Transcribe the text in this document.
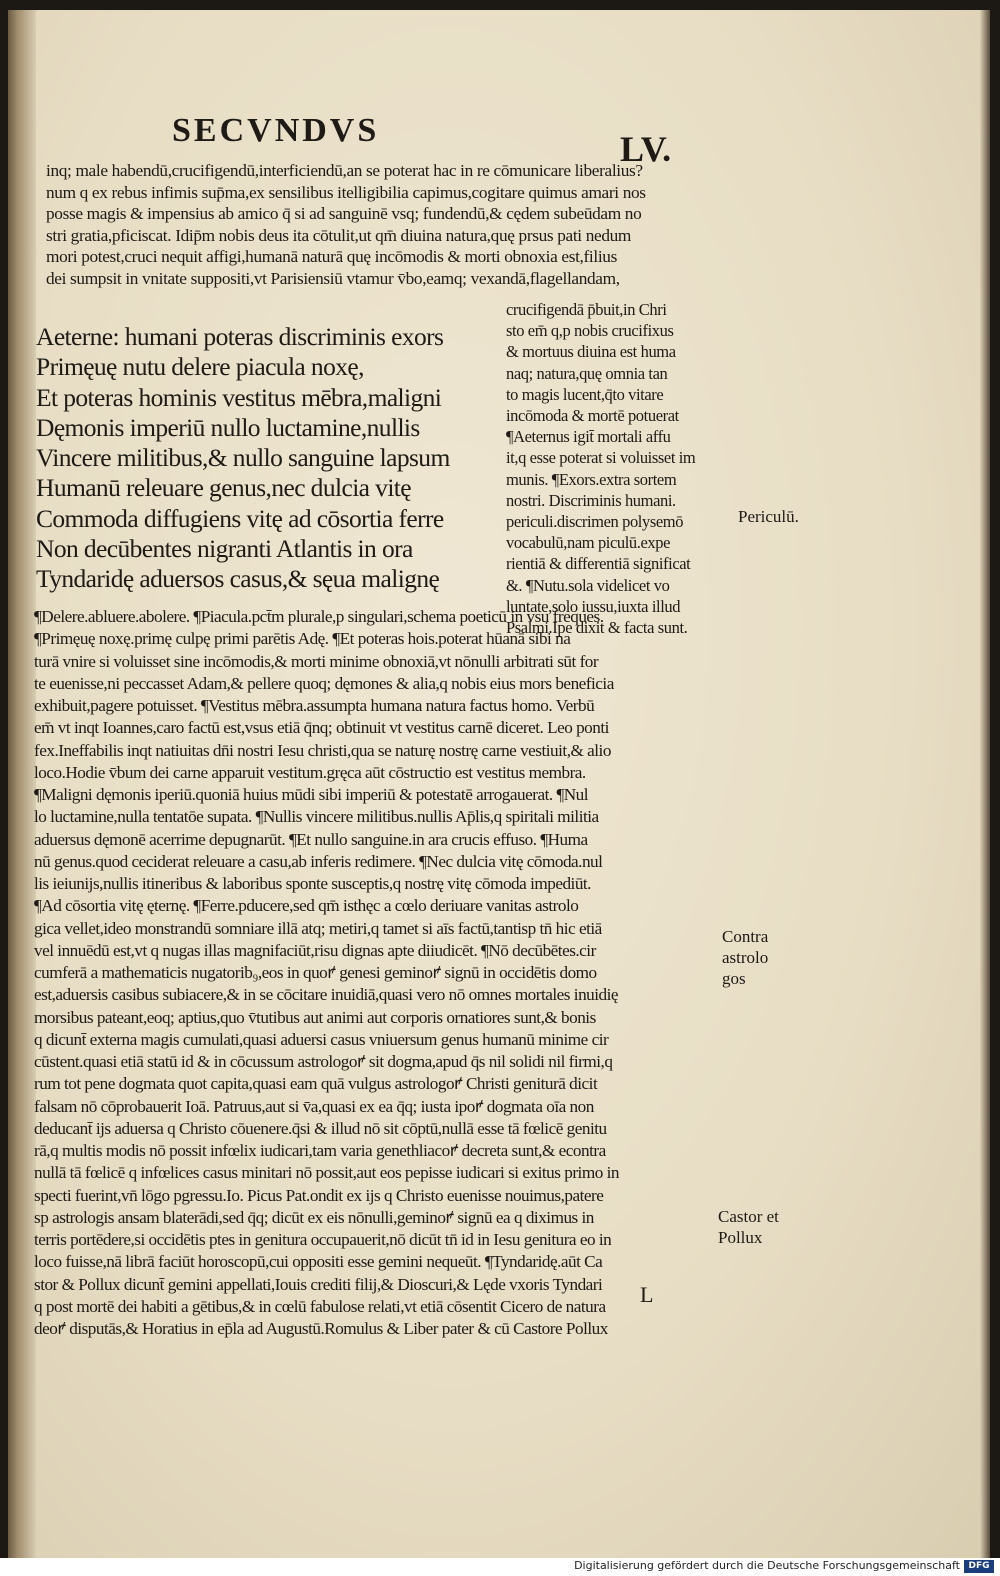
SECVNDVS	LV.
inq; male habendū,crucifigendū,interficiendū,an se poterat hac in re cōmunicare liberalius?
num q ex rebus infimis sup̄ma,ex sensilibus itelligibilia capimus,cogitare quimus amari nos
posse magis & impensius ab amico q̄ si ad sanguinē vsq; fundendū,& cędem subeūdam no
stri gratia,pficiscat. Idip̄m nobis deus ita cōtulit,ut qm̄ diuina natura,quę prsus pati nedum
mori potest,cruci nequit affigi,humanā naturā quę incōmodis & morti obnoxia est,filius
dei sumpsit in vnitate suppositi,vt Parisiensiū vtamur v̄bo,eamq; vexandā,flagellandam,
Aeterne: humani poteras discriminis exors
Primęuę nutu delere piacula noxę,
Et poteras hominis vestitus mēbra,maligni
Dęmonis imperiū nullo luctamine,nullis
Vincere militibus,& nullo sanguine lapsum
Humanū releuare genus,nec dulcia vitę
Commoda diffugiens vitę ad cōsortia ferre
Non decūbentes nigranti Atlantis in ora
Tyndaridę aduersos casus,& sęua malignę
crucifigendā p̄buit,in Chri
sto em̄ q,p nobis crucifixus
& mortuus diuina est huma
naq; natura,quę omnia tan
to magis lucent,q̄to vitare
incōmoda & mortē potuerat
¶Aeternus igit̄ mortali affu
it,q esse poterat si voluisset im
munis. ¶Exors.extra sortem
nostri. Discriminis humani.
periculi.discrimen polysemō
vocabulū,nam piculū.expe
rientiā & differentiā significat
&. ¶Nutu.sola videlicet vo
luntate,solo iussu,iuxta illud
Psalmi.Ipe dixit & facta sunt.
¶Delere.abluere.abolere. ¶Piacula.pct̄m plurale,p singulari,schema poeticū in vsu freques.
¶Primęuę noxę.primę culpę primi parētis Adę. ¶Et poteras hois.poterat hūanā sibi na
turā vnire si voluisset sine incōmodis,& morti minime obnoxiā,vt nōnulli arbitrati sūt for
te euenisse,ni peccasset Adam,& pellere quoq; dęmones & alia,q nobis eius mors beneficia
exhibuit,pagere potuisset. ¶Vestitus mēbra.assumpta humana natura factus homo. Verbū
em̄ vt inqt Ioannes,caro factū est,vsus etiā q̄nq; obtinuit vt vestitus carnē diceret. Leo ponti
fex.Ineffabilis inqt natiuitas dn̄i nostri Iesu christi,qua se naturę nostrę carne vestiuit,& alio
loco.Hodie v̄bum dei carne apparuit vestitum.gręca aūt cōstructio est vestitus membra.
¶Maligni dęmonis iperiū.quoniā huius mūdi sibi imperiū & potestatē arrogauerat. ¶Nul
lo luctamine,nulla tentatōe supata. ¶Nullis vincere militibus.nullis Ap̄lis,q spiritali militia
aduersus dęmonē acerrime depugnarūt. ¶Et nullo sanguine.in ara crucis effuso. ¶Huma
nū genus.quod ceciderat releuare a casu,ab inferis redimere. ¶Nec dulcia vitę cōmoda.nul
lis ieiunijs,nullis itineribus & laboribus sponte susceptis,q nostrę vitę cōmoda impediūt.
¶Ad cōsortia vitę ęternę. ¶Ferre.pducere,sed qm̄ isthęc a cœlo deriuare vanitas astrolo
gica vellet,ideo monstrandū somniare illā atq; metiri,q tamet si aīs factū,tantisp tn̄ hic etiā
vel innuēdū est,vt q nugas illas magnifaciūt,risu dignas apte diiudicēt. ¶Nō decūbētes.cir
cumferā a mathematicis nugatorib₉,eos in quoꝵ genesi geminoꝵ signū in occidētis domo
est,aduersis casibus subiacere,& in se cōcitare inuidiā,quasi vero nō omnes mortales inuidię
morsibus pateant,eoq; aptius,quo v̄tutibus aut animi aut corporis ornatiores sunt,& bonis
q dicunt̄ externa magis cumulati,quasi aduersi casus vniuersum genus humanū minime cir
cūstent.quasi etiā statū id & in cōcussum astrologoꝵ sit dogma,apud q̄s nil solidi nil firmi,q
rum tot pene dogmata quot capita,quasi eam quā vulgus astrologoꝵ Christi geniturā dicit
falsam nō cōprobauerit Ioā. Patruus,aut si v̄a,quasi ex ea q̄q; iusta ipoꝵ dogmata oīa non
deducant̄ ijs aduersa q Christo cōuenere.q̄si & illud nō sit cōptū,nullā esse tā fœlicē genitu
rā,q multis modis nō possit infœlix iudicari,tam varia genethliacoꝵ decreta sunt,& econtra
nullā tā fœlicē q infœlices casus minitari nō possit,aut eos pepisse iudicari si exitus primo in
specti fuerint,vn̄ lōgo pgressu.Io. Picus Pat.ondit ex ijs q Christo euenisse nouimus,patere
sp astrologis ansam blaterādi,sed q̄q; dicūt ex eis nōnulli,geminoꝵ signū ea q diximus in
terris portēdere,si occidētis ptes in genitura occupauerit,nō dicūt tn̄ id in Iesu genitura eo in
loco fuisse,nā librā faciūt horoscopū,cui oppositi esse gemini nequeūt. ¶Tyndaridę.aūt Ca
stor & Pollux dicunt̄ gemini appellati,Iouis crediti filij,& Dioscuri,& Lęde vxoris Tyndari
q post mortē dei habiti a gētibus,& in cœlū fabulose relati,vt etiā cōsentit Cicero de natura
deoꝵ disputās,& Horatius in ep̄la ad Augustū.Romulus & Liber pater & cū Castore Pollux
Periculū.
Contra
astrolo
gos
Castor et
Pollux
L
Digitalisierung gefördert durch die Deutsche Forschungsgemeinschaft DFG
